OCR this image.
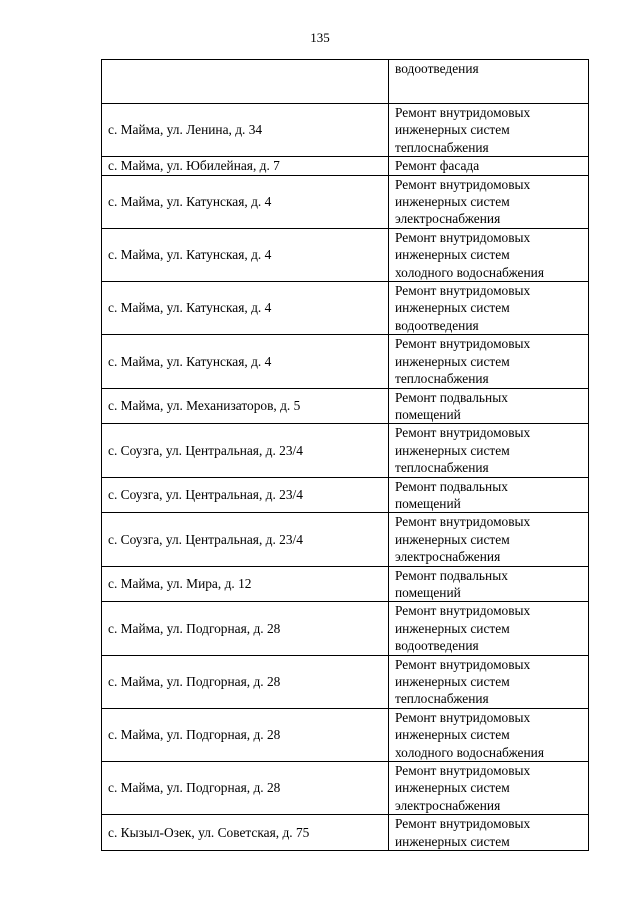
135
	водоотведения
с. Майма, ул. Ленина, д. 34	Ремонт внутридомовых
инженерных систем
теплоснабжения
с. Майма, ул. Юбилейная, д. 7	Ремонт фасада
с. Майма, ул. Катунская, д. 4	Ремонт внутридомовых
инженерных систем
электроснабжения
с. Майма, ул. Катунская, д. 4	Ремонт внутридомовых
инженерных систем
холодного водоснабжения
с. Майма, ул. Катунская, д. 4	Ремонт внутридомовых
инженерных систем
водоотведения
с. Майма, ул. Катунская, д. 4	Ремонт внутридомовых
инженерных систем
теплоснабжения
с. Майма, ул. Механизаторов, д. 5	Ремонт подвальных
помещений
с. Соузга, ул. Центральная, д. 23/4	Ремонт внутридомовых
инженерных систем
теплоснабжения
с. Соузга, ул. Центральная, д. 23/4	Ремонт подвальных
помещений
с. Соузга, ул. Центральная, д. 23/4	Ремонт внутридомовых
инженерных систем
электроснабжения
с. Майма, ул. Мира, д. 12	Ремонт подвальных
помещений
с. Майма, ул. Подгорная, д. 28	Ремонт внутридомовых
инженерных систем
водоотведения
с. Майма, ул. Подгорная, д. 28	Ремонт внутридомовых
инженерных систем
теплоснабжения
с. Майма, ул. Подгорная, д. 28	Ремонт внутридомовых
инженерных систем
холодного водоснабжения
с. Майма, ул. Подгорная, д. 28	Ремонт внутридомовых
инженерных систем
электроснабжения
с. Кызыл-Озек, ул. Советская, д. 75	Ремонт внутридомовых
инженерных систем
